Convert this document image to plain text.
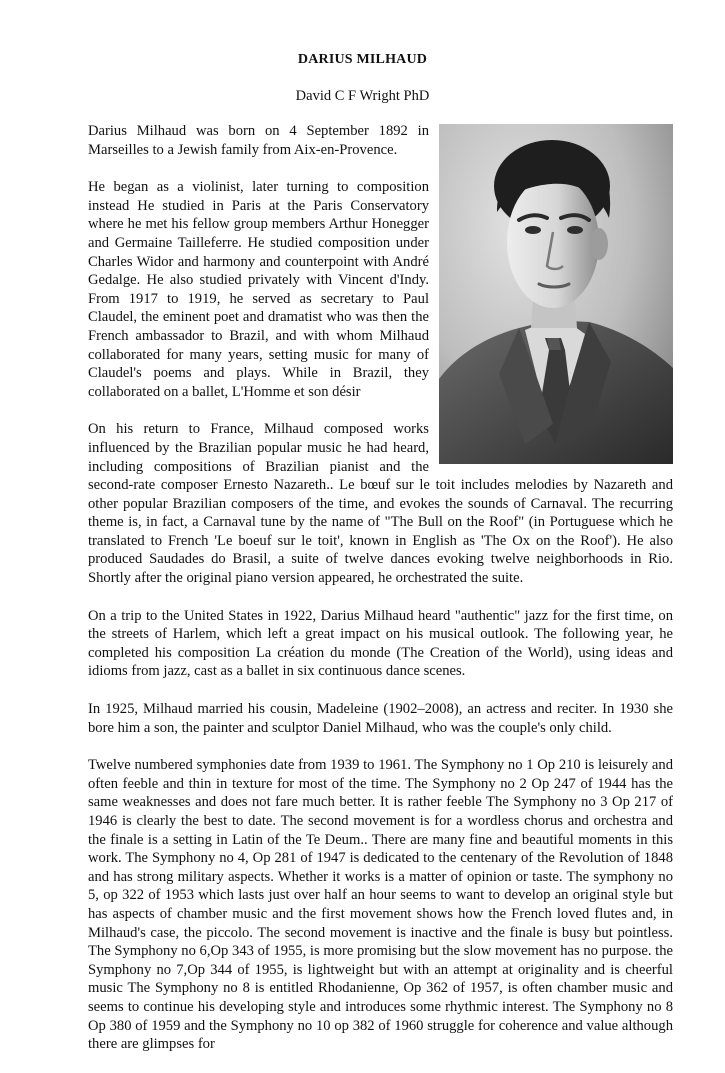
DARIUS MILHAUD
David C F Wright PhD

Darius Milhaud was born on 4 September 1892 in Marseilles to a Jewish family from Aix-en-Provence.

He began as a violinist, later turning to composition instead He studied in Paris at the Paris Conservatory where he met his fellow group members Arthur Honegger and Germaine Tailleferre. He studied composition under Charles Widor and harmony and counterpoint with André Gedalge. He also studied privately with Vincent d'Indy. From 1917 to 1919, he served as secretary to Paul Claudel, the eminent poet and dramatist who was then the French ambassador to Brazil, and with whom Milhaud collaborated for many years, setting music for many of Claudel's poems and plays. While in Brazil, they collaborated on a ballet, L'Homme et son désir

On his return to France, Milhaud composed works influenced by the Brazilian popular music he had heard, including compositions of Brazilian pianist and the second-rate composer Ernesto Nazareth.. Le bœuf sur le toit includes melodies by Nazareth and other popular Brazilian composers of the time, and evokes the sounds of Carnaval. The recurring theme is, in fact, a Carnaval tune by the name of "The Bull on the Roof" (in Portuguese which he translated to French 'Le boeuf sur le toit', known in English as 'The Ox on the Roof'). He also produced Saudades do Brasil, a suite of twelve dances evoking twelve neighborhoods in Rio. Shortly after the original piano version appeared, he orchestrated the suite.

On a trip to the United States in 1922, Darius Milhaud heard "authentic" jazz for the first time, on the streets of Harlem, which left a great impact on his musical outlook. The following year, he completed his composition La création du monde (The Creation of the World), using ideas and idioms from jazz, cast as a ballet in six continuous dance scenes.

In 1925, Milhaud married his cousin, Madeleine (1902–2008), an actress and reciter. In 1930 she bore him a son, the painter and sculptor Daniel Milhaud, who was the couple's only child.

Twelve numbered symphonies date from 1939 to 1961. The Symphony no 1 Op 210 is leisurely and often feeble and thin in texture for most of the time. The Symphony no 2 Op 247 of 1944 has the same weaknesses and does not fare much better. It is rather feeble The Symphony no 3 Op 217 of 1946 is clearly the best to date. The second movement is for a wordless chorus and orchestra and the finale is a setting in Latin of the Te Deum.. There are many fine and beautiful moments in this work. The Symphony no 4, Op 281 of 1947 is dedicated to the centenary of the Revolution of 1848 and has strong military aspects. Whether it works is a matter of opinion or taste. The symphony no 5, op 322 of 1953 which lasts just over half an hour seems to want to develop an original style but has aspects of chamber music and the first movement shows how the French loved flutes and, in Milhaud's case, the piccolo. The second movement is inactive and the finale is busy but pointless. The Symphony no 6,Op 343 of 1955, is more promising but the slow movement has no purpose. the Symphony no 7,Op 344 of 1955, is lightweight but with an attempt at originality and is cheerful music The Symphony no 8 is entitled Rhodanienne, Op 362 of 1957, is often chamber music and seems to continue his developing style and introduces some rhythmic interest. The Symphony no 8 Op 380 of 1959 and the Symphony no 10 op 382 of 1960 struggle for coherence and value although there are glimpses for
